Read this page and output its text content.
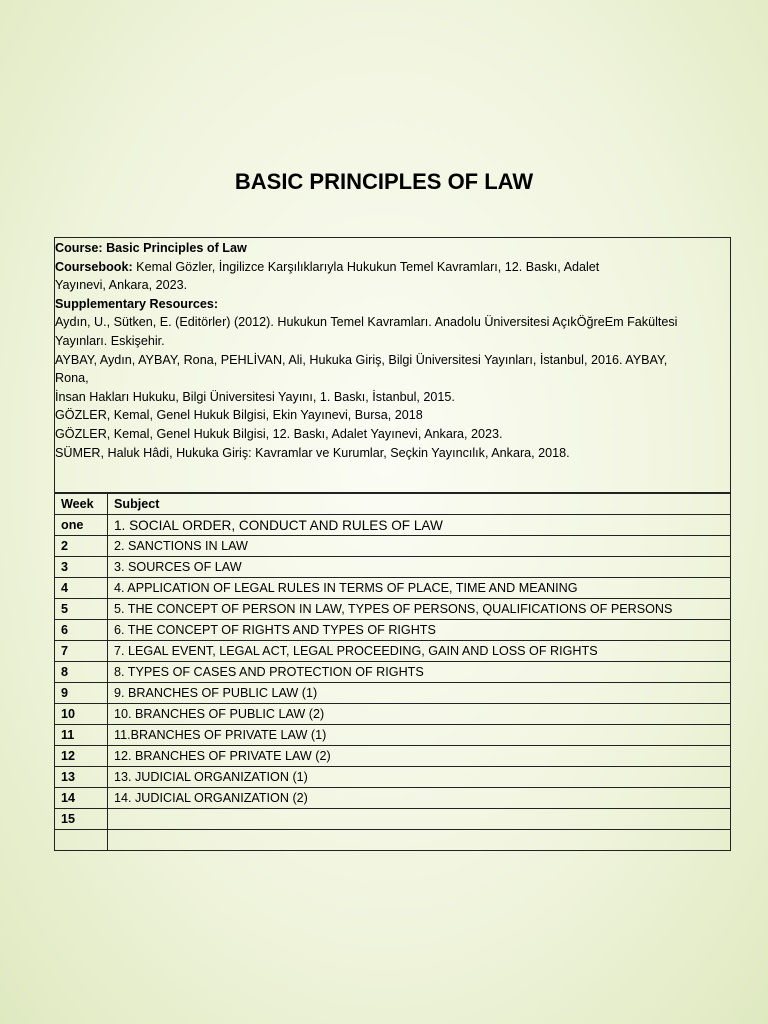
BASIC PRINCIPLES OF LAW
Course: Basic Principles of Law
Coursebook: Kemal Gözler, İngilizce Karşılıklarıyla Hukukun Temel Kavramları, 12. Baskı, Adalet
Yayınevi, Ankara, 2023.
Supplementary Resources:
Aydın, U., Sütken, E. (Editörler) (2012). Hukukun Temel Kavramları. Anadolu Üniversitesi AçıkÖğreEm Fakültesi
Yayınları. Eskişehir.
AYBAY, Aydın, AYBAY, Rona, PEHLİVAN, Ali, Hukuka Giriş, Bilgi Üniversitesi Yayınları, İstanbul, 2016. AYBAY,
Rona,
İnsan Hakları Hukuku, Bilgi Üniversitesi Yayını, 1. Baskı, İstanbul, 2015.
GÖZLER, Kemal, Genel Hukuk Bilgisi, Ekin Yayınevi, Bursa, 2018
GÖZLER, Kemal, Genel Hukuk Bilgisi, 12. Baskı, Adalet Yayınevi, Ankara, 2023.
SÜMER, Haluk Hâdi, Hukuka Giriş: Kavramlar ve Kurumlar, Seçkin Yayıncılık, Ankara, 2018.
Week	Subject
one	1. SOCIAL ORDER, CONDUCT AND RULES OF LAW
2	2. SANCTIONS IN LAW
3	3. SOURCES OF LAW
4	4. APPLICATION OF LEGAL RULES IN TERMS OF PLACE, TIME AND MEANING
5	5. THE CONCEPT OF PERSON IN LAW, TYPES OF PERSONS, QUALIFICATIONS OF PERSONS
6	6. THE CONCEPT OF RIGHTS AND TYPES OF RIGHTS
7	7. LEGAL EVENT, LEGAL ACT, LEGAL PROCEEDING, GAIN AND LOSS OF RIGHTS
8	8. TYPES OF CASES AND PROTECTION OF RIGHTS
9	9. BRANCHES OF PUBLIC LAW (1)
10	10. BRANCHES OF PUBLIC LAW (2)
11	11.BRANCHES OF PRIVATE LAW (1)
12	12. BRANCHES OF PRIVATE LAW (2)
13	13. JUDICIAL ORGANIZATION (1)
14	14. JUDICIAL ORGANIZATION (2)
15	
